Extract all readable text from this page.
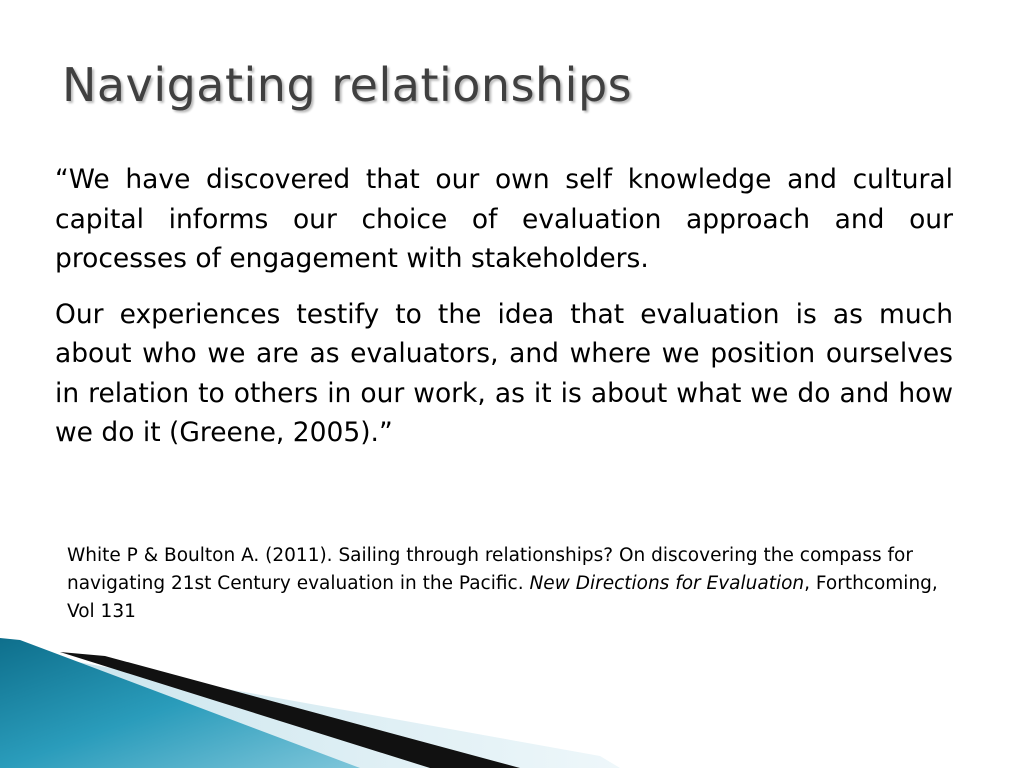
Navigating relationships

“We have discovered that our own self knowledge and cultural capital informs our choice of evaluation approach and our processes of engagement with stakeholders.

Our experiences testify to the idea that evaluation is as much about who we are as evaluators, and where we position ourselves in relation to others in our work, as it is about what we do and how we do it (Greene, 2005).”

White P & Boulton A. (2011). Sailing through relationships? On discovering the compass for navigating 21st Century evaluation in the Pacific. New Directions for Evaluation, Forthcoming, Vol 131
